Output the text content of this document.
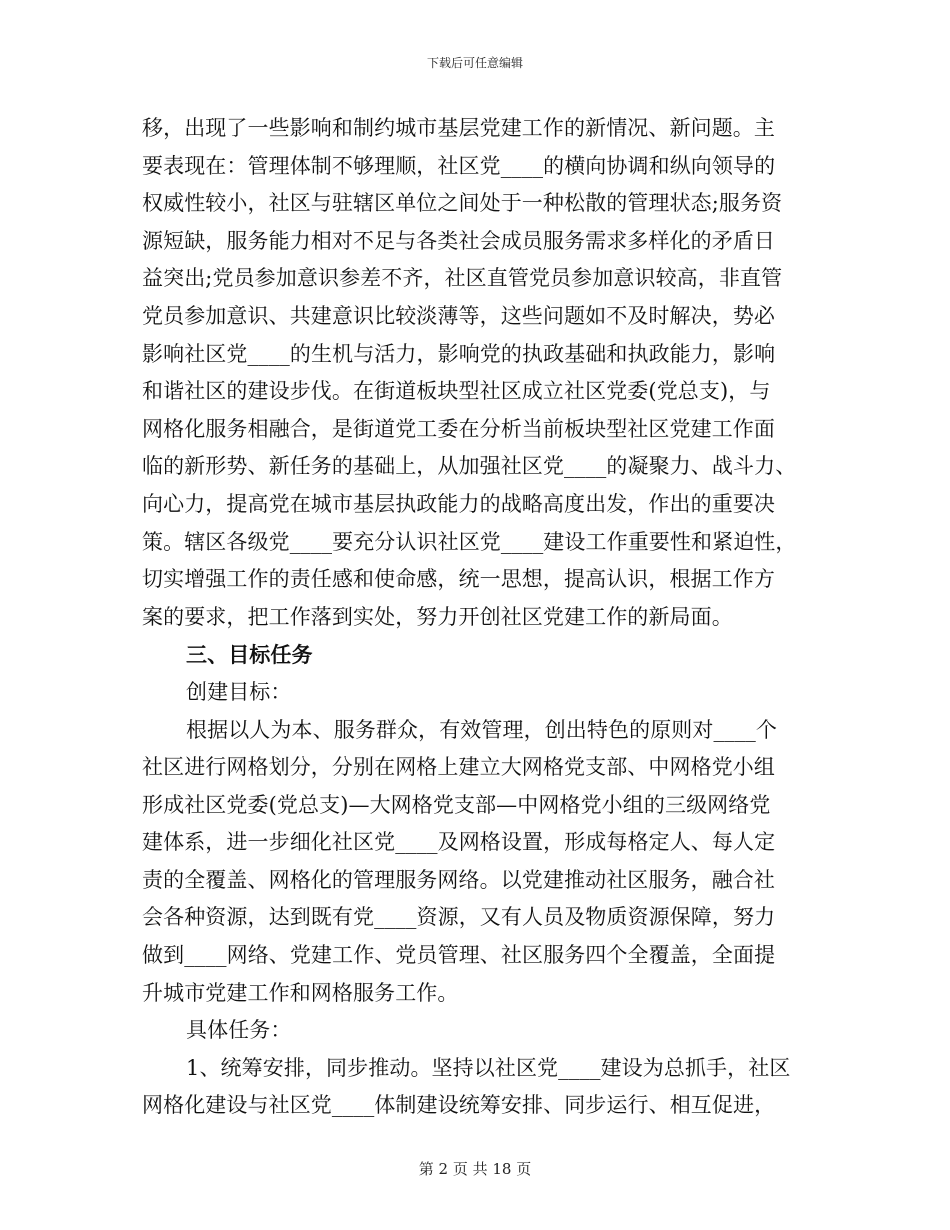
下载后可任意编辑
移，出现了一些影响和制约城市基层党建工作的新情况、新问题。主
要表现在：管理体制不够理顺，社区党____的横向协调和纵向领导的
权威性较小，社区与驻辖区单位之间处于一种松散的管理状态;服务资
源短缺，服务能力相对不足与各类社会成员服务需求多样化的矛盾日
益突出;党员参加意识参差不齐，社区直管党员参加意识较高，非直管
党员参加意识、共建意识比较淡薄等，这些问题如不及时解决，势必
影响社区党____的生机与活力，影响党的执政基础和执政能力，影响
和谐社区的建设步伐。在街道板块型社区成立社区党委(党总支)，与
网格化服务相融合，是街道党工委在分析当前板块型社区党建工作面
临的新形势、新任务的基础上，从加强社区党____的凝聚力、战斗力、
向心力，提高党在城市基层执政能力的战略高度出发，作出的重要决
策。辖区各级党____要充分认识社区党____建设工作重要性和紧迫性，
切实增强工作的责任感和使命感，统一思想，提高认识，根据工作方
案的要求，把工作落到实处，努力开创社区党建工作的新局面。
三、目标任务
创建目标：
根据以人为本、服务群众，有效管理，创出特色的原则对____个
社区进行网格划分，分别在网格上建立大网格党支部、中网格党小组
形成社区党委(党总支)—大网格党支部—中网格党小组的三级网络党
建体系，进一步细化社区党____及网格设置，形成每格定人、每人定
责的全覆盖、网格化的管理服务网络。以党建推动社区服务，融合社
会各种资源，达到既有党____资源，又有人员及物质资源保障，努力
做到____网络、党建工作、党员管理、社区服务四个全覆盖，全面提
升城市党建工作和网格服务工作。
具体任务：
1、统筹安排，同步推动。坚持以社区党____建设为总抓手，社区
网格化建设与社区党____体制建设统筹安排、同步运行、相互促进，
第 2 页 共 18 页
